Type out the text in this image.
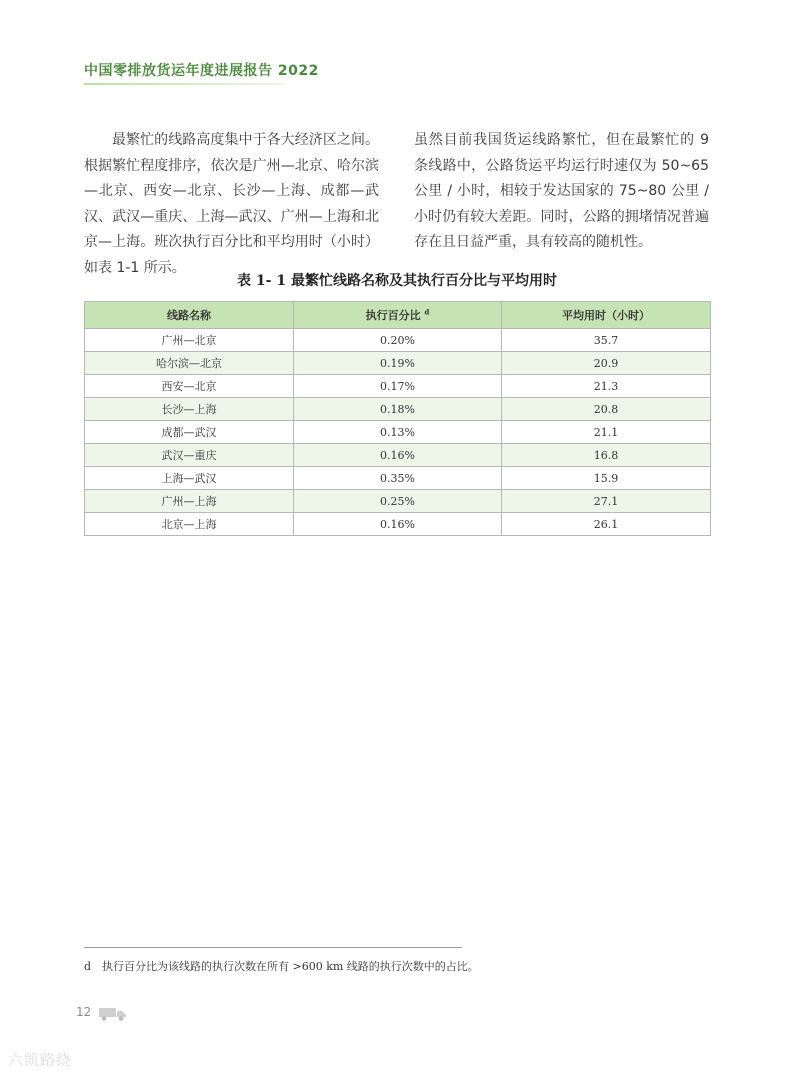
中国零排放货运年度进展报告 2022

最繁忙的线路高度集中于各大经济区之间。根据繁忙程度排序，依次是广州—北京、哈尔滨—北京、西安—北京、长沙—上海、成都—武汉、武汉—重庆、上海—武汉、广州—上海和北京—上海。班次执行百分比和平均用时（小时）如表 1-1 所示。

虽然目前我国货运线路繁忙，但在最繁忙的 9 条线路中，公路货运平均运行时速仅为 50~65 公里 / 小时，相较于发达国家的 75~80 公里 / 小时仍有较大差距。同时，公路的拥堵情况普遍存在且日益严重，具有较高的随机性。

表 1- 1 最繁忙线路名称及其执行百分比与平均用时
线路名称	执行百分比 $^d$	平均用时（小时）
广州—北京	0.20%	35.7
哈尔滨—北京	0.19%	20.9
西安—北京	0.17%	21.3
长沙—上海	0.18%	20.8
成都—武汉	0.13%	21.1
武汉—重庆	0.16%	16.8
上海—武汉	0.35%	15.9
广州—上海	0.25%	27.1
北京—上海	0.16%	26.1
d 执行百分比为该线路的执行次数在所有 >600 km 线路的执行次数中的占比。
12
六凯路绕
